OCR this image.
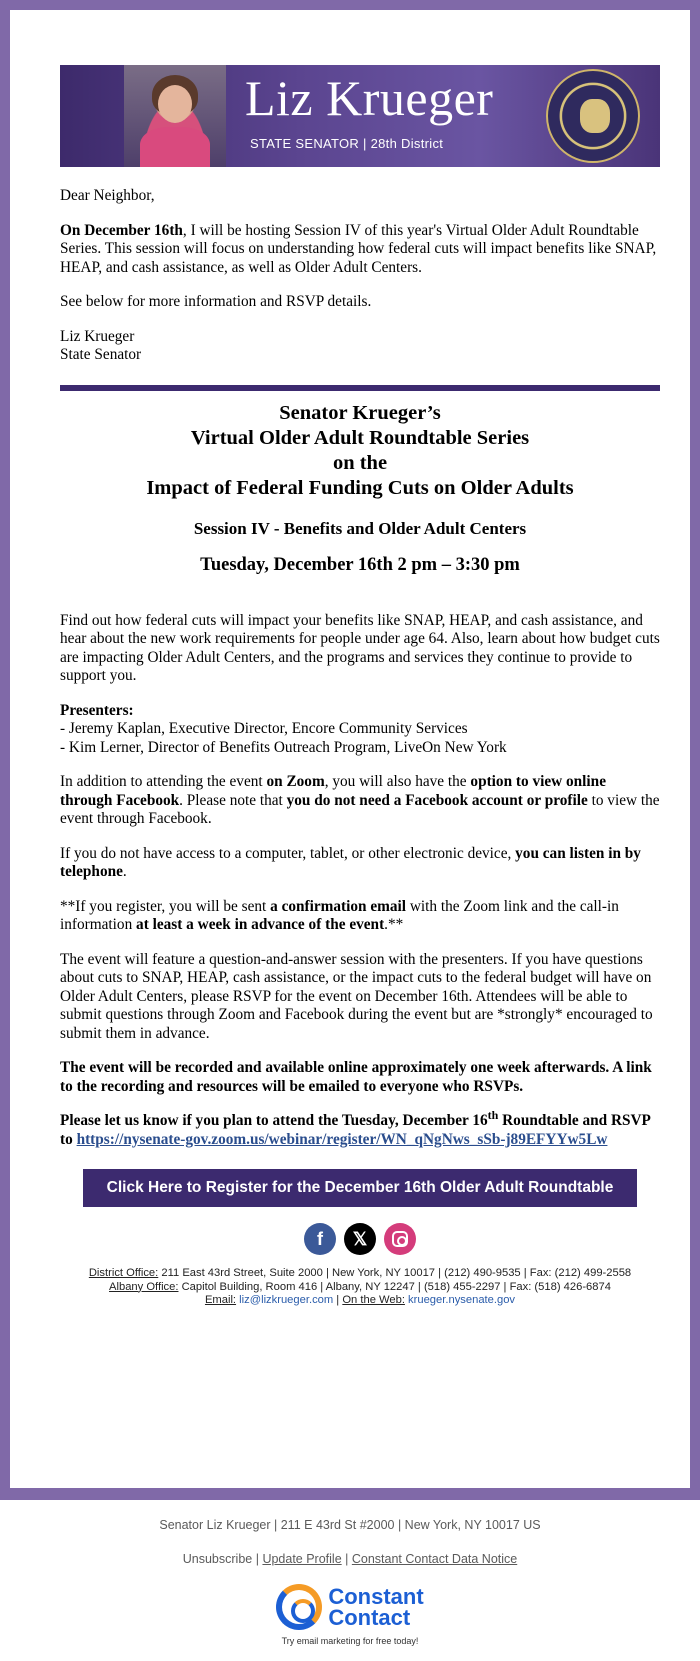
Liz Krueger
STATE SENATOR | 28th District

Dear Neighbor,

On December 16th, I will be hosting Session IV of this year's Virtual Older Adult Roundtable Series. This session will focus on understanding how federal cuts will impact benefits like SNAP, HEAP, and cash assistance, as well as Older Adult Centers.

See below for more information and RSVP details.

Liz Krueger

State Senator

Senator Krueger’s
Virtual Older Adult Roundtable Series
on the
Impact of Federal Funding Cuts on Older Adults
Session IV - Benefits and Older Adult Centers
Tuesday, December 16th 2 pm – 3:30 pm

Find out how federal cuts will impact your benefits like SNAP, HEAP, and cash assistance, and hear about the new work requirements for people under age 64. Also, learn about how budget cuts are impacting Older Adult Centers, and the programs and services they continue to provide to support you.

Presenters:
- Jeremy Kaplan, Executive Director, Encore Community Services
- Kim Lerner, Director of Benefits Outreach Program, LiveOn New York

In addition to attending the event on Zoom, you will also have the option to view online through Facebook. Please note that you do not need a Facebook account or profile to view the event through Facebook.

If you do not have access to a computer, tablet, or other electronic device, you can listen in by telephone.

**If you register, you will be sent a confirmation email with the Zoom link and the call-in information at least a week in advance of the event.**

The event will feature a question-and-answer session with the presenters. If you have questions about cuts to SNAP, HEAP, cash assistance, or the impact cuts to the federal budget will have on Older Adult Centers, please RSVP for the event on December 16th. Attendees will be able to submit questions through Zoom and Facebook during the event but are *strongly* encouraged to submit them in advance.

The event will be recorded and available online approximately one week afterwards. A link to the recording and resources will be emailed to everyone who RSVPs.

Please let us know if you plan to attend the Tuesday, December 16th Roundtable and RSVP to https://nysenate-gov.zoom.us/webinar/register/WN_qNgNws_sSb-j89EFYYw5Lw

Click Here to Register for the December 16th Older Adult Roundtable
f	𝕏
District Office: 211 East 43rd Street, Suite 2000 | New York, NY 10017 | (212) 490-9535 | Fax: (212) 499-2558
Albany Office: Capitol Building, Room 416 | Albany, NY 12247 | (518) 455-2297 | Fax: (518) 426-6874
Email: liz@lizkrueger.com | On the Web: krueger.nysenate.gov
Senator Liz Krueger | 211 E 43rd St #2000 | New York, NY 10017 US
Unsubscribe | Update Profile | Constant Contact Data Notice
Constant
Contact
Try email marketing for free today!
